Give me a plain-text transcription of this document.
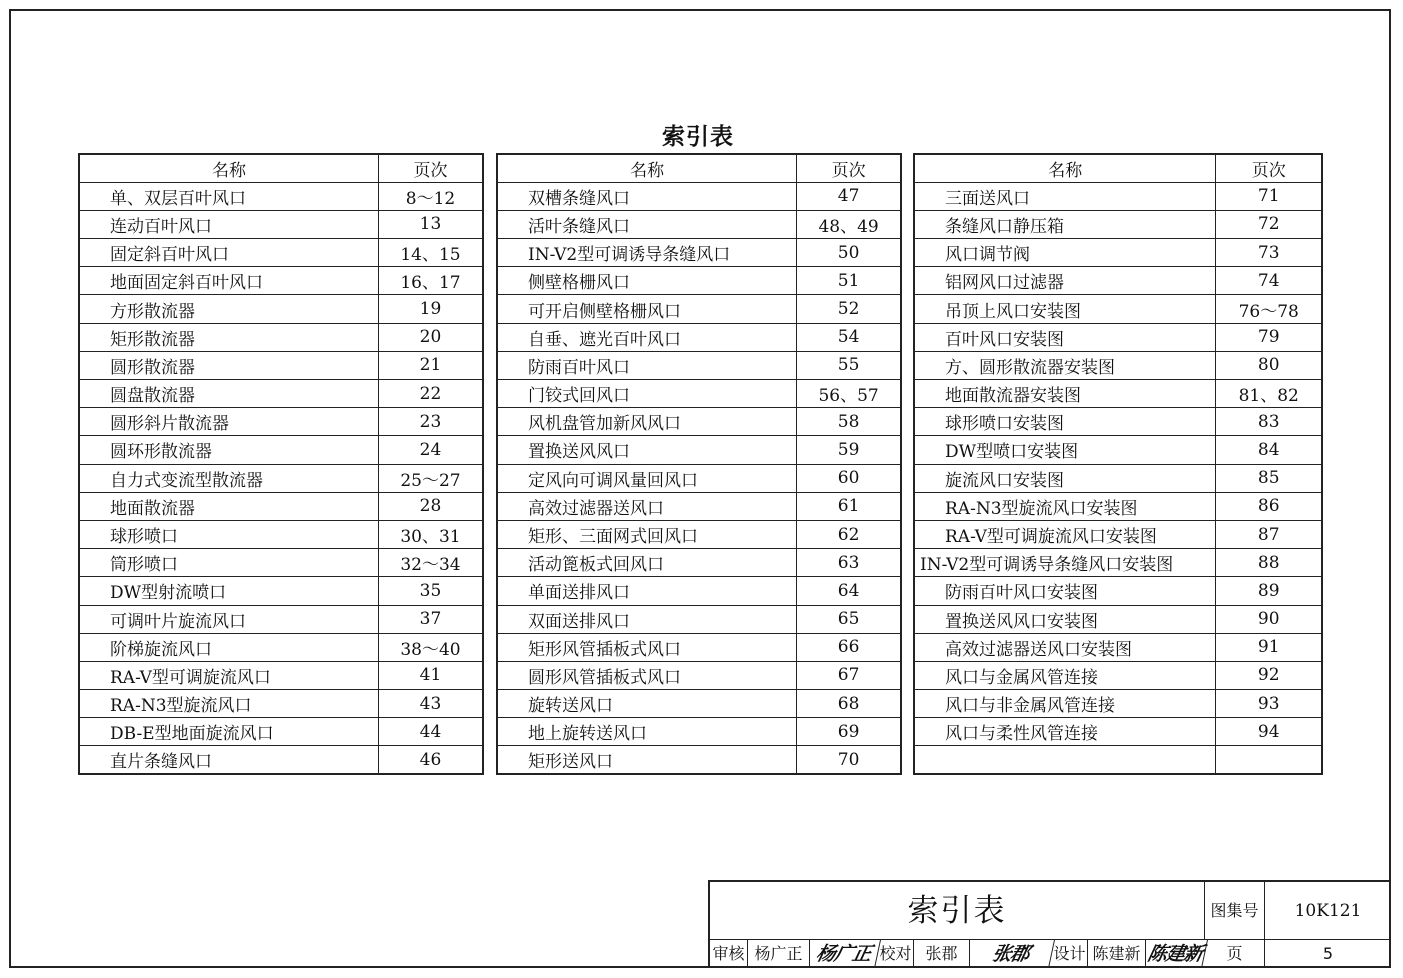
索引表
名称	页次
单、双层百叶风口	8～12
连动百叶风口	13
固定斜百叶风口	14、15
地面固定斜百叶风口	16、17
方形散流器	19
矩形散流器	20
圆形散流器	21
圆盘散流器	22
圆形斜片散流器	23
圆环形散流器	24
自力式变流型散流器	25～27
地面散流器	28
球形喷口	30、31
筒形喷口	32～34
DW型射流喷口	35
可调叶片旋流风口	37
阶梯旋流风口	38～40
RA-V型可调旋流风口	41
RA-N3型旋流风口	43
DB-E型地面旋流风口	44
直片条缝风口	46
名称	页次
双槽条缝风口	47
活叶条缝风口	48、49
IN-V2型可调诱导条缝风口	50
侧壁格栅风口	51
可开启侧壁格栅风口	52
自垂、遮光百叶风口	54
防雨百叶风口	55
门铰式回风口	56、57
风机盘管加新风风口	58
置换送风风口	59
定风向可调风量回风口	60
高效过滤器送风口	61
矩形、三面网式回风口	62
活动篦板式回风口	63
单面送排风口	64
双面送排风口	65
矩形风管插板式风口	66
圆形风管插板式风口	67
旋转送风口	68
地上旋转送风口	69
矩形送风口	70
名称	页次
三面送风口	71
条缝风口静压箱	72
风口调节阀	73
铝网风口过滤器	74
吊顶上风口安装图	76～78
百叶风口安装图	79
方、圆形散流器安装图	80
地面散流器安装图	81、82
球形喷口安装图	83
DW型喷口安装图	84
旋流风口安装图	85
RA-N3型旋流风口安装图	86
RA-V型可调旋流风口安装图	87
IN-V2型可调诱导条缝风口安装图	88
防雨百叶风口安装图	89
置换送风风口安装图	90
高效过滤器送风口安装图	91
风口与金属风管连接	92
风口与非金属风管连接	93
风口与柔性风管连接	94

索引表	图集号	10K121
审核 杨广正 杨广正 校对 张郡	张郡	设计 陈建新 陈建新	页	5
